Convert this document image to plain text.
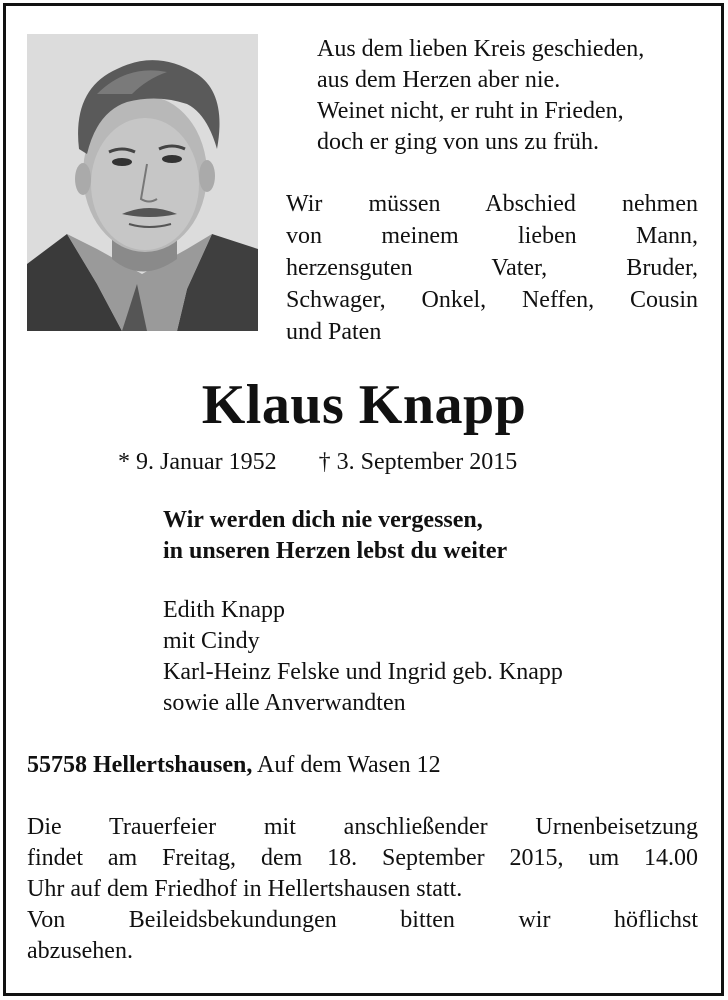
Aus dem lieben Kreis geschieden,
aus dem Herzen aber nie.
Weinet nicht, er ruht in Frieden,
doch er ging von uns zu früh.
Wir müssen Abschied nehmen
von meinem lieben Mann,
herzensguten Vater, Bruder,
Schwager, Onkel, Neffen, Cousin
und Paten
Klaus Knapp
* 9. Januar 1952 † 3. September 2015
Wir werden dich nie vergessen,
in unseren Herzen lebst du weiter
Edith Knapp
mit Cindy
Karl-Heinz Felske und Ingrid geb. Knapp
sowie alle Anverwandten
55758 Hellertshausen, Auf dem Wasen 12
Die Trauerfeier mit anschließender Urnenbeisetzung
findet am Freitag, dem 18. September 2015, um 14.00
Uhr auf dem Friedhof in Hellertshausen statt.
Von Beileidsbekundungen bitten wir höflichst
abzusehen.
